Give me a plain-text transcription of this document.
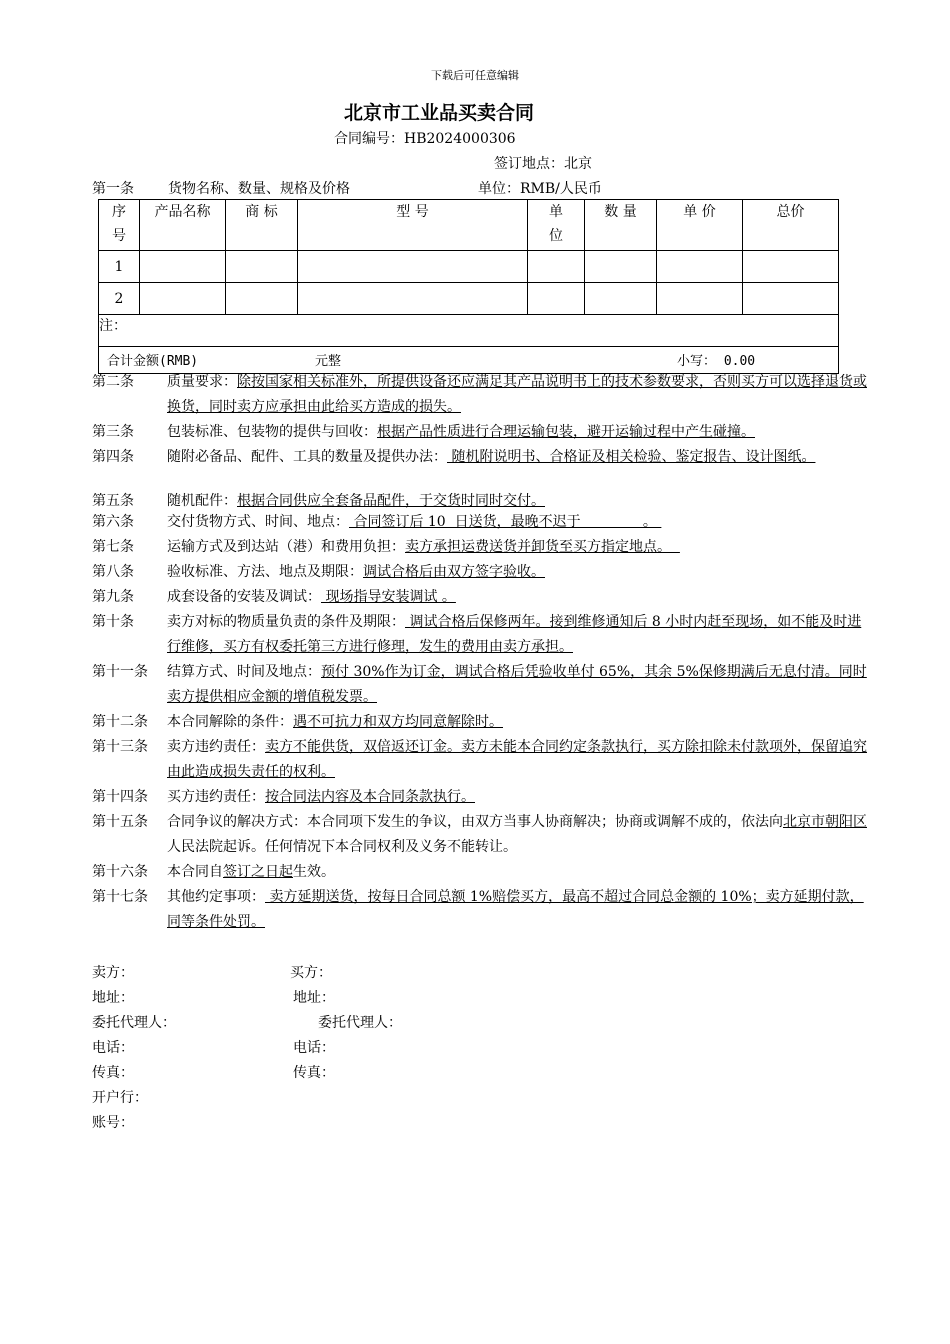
下载后可任意编辑
北京市工业品买卖合同
合同编号：HB2024000306
签订地点：北京
第一条 货物名称、数量、规格及价格	单位：RMB/人民币
序号	产品名称	商 标	型 号	单位	数 量	单 价	总价
1							
2							
注：							

合计金额(RMB) 元整 小写： 0.00							
第二条 质量要求：除按国家相关标准外，所提供设备还应满足其产品说明书上的技术参数要求，否则买方可以选择退货或换货，同时卖方应承担由此给买方造成的损失。
第三条 包装标准、包装物的提供与回收：根据产品性质进行合理运输包装，避开运输过程中产生碰撞。
第四条 随附必备品、配件、工具的数量及提供办法： 随机附说明书、合格证及相关检验、鉴定报告、设计图纸。
第五条 随机配件：根据合同供应全套备品配件，于交货时同时交付。
第六条 交付货物方式、时间、地点： 合同签订后 10  日送货，最晚不迟于              。
第七条 运输方式及到达站（港）和费用负担：卖方承担运费送货并卸货至买方指定地点。
第八条 验收标准、方法、地点及期限：调试合格后由双方签字验收。
第九条 成套设备的安装及调试： 现场指导安装调试 。
第十条 卖方对标的物质量负责的条件及期限： 调试合格后保修两年。接到维修通知后 8 小时内赶至现场，如不能及时进行维修，买方有权委托第三方进行修理，发生的费用由卖方承担。
第十一条 结算方式、时间及地点：预付 30%作为订金，调试合格后凭验收单付 65%，其余 5%保修期满后无息付清。同时卖方提供相应金额的增值税发票。
第十二条 本合同解除的条件：遇不可抗力和双方均同意解除时。
第十三条 卖方违约责任：卖方不能供货，双倍返还订金。卖方未能本合同约定条款执行，买方除扣除未付款项外，保留追究由此造成损失责任的权利。
第十四条 买方违约责任：按合同法内容及本合同条款执行。
第十五条 合同争议的解决方式：本合同项下发生的争议，由双方当事人协商解决；协商或调解不成的，依法向北京市朝阳区人民法院起诉。任何情况下本合同权利及义务不能转让。
第十六条 本合同自签订之日起生效。
第十七条 其他约定事项： 卖方延期送货，按每日合同总额 1%赔偿买方，最高不超过合同总金额的 10%；卖方延期付款，同等条件处罚。
卖方：	买方：
地址：	地址：
委托代理人：	委托代理人：
电话：	电话：
传真：	传真：
开户行：
账号：
